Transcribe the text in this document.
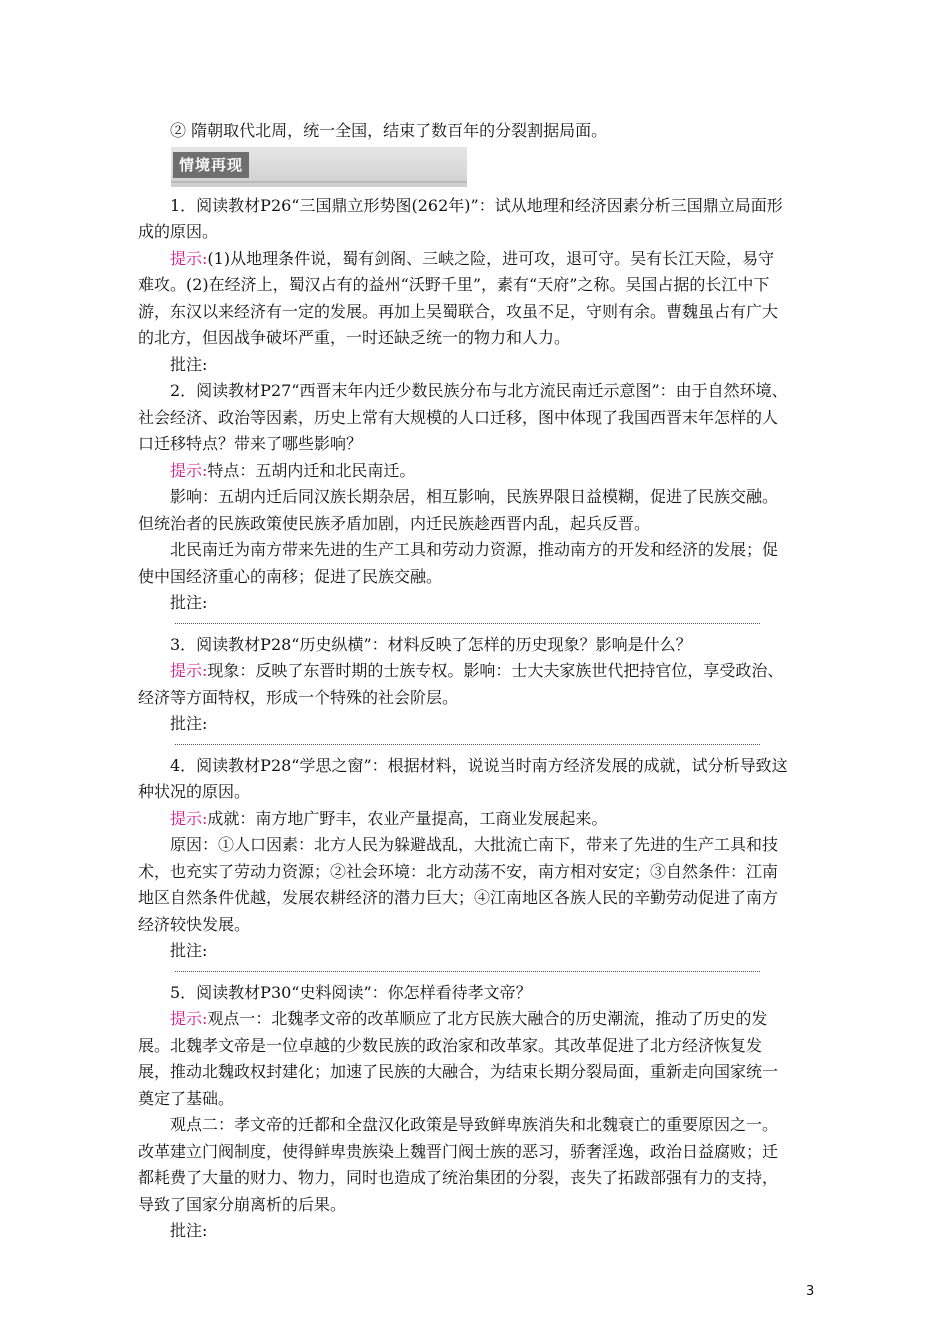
② 隋朝取代北周，统一全国，结束了数百年的分裂割据局面。

情境再现

1．阅读教材P26“三国鼎立形势图(262年)”：试从地理和经济因素分析三国鼎立局面形成的原因。

提示:(1)从地理条件说，蜀有剑阁、三峡之险，进可攻，退可守。吴有长江天险，易守难攻。(2)在经济上，蜀汉占有的益州“沃野千里”，素有“天府”之称。吴国占据的长江中下游，东汉以来经济有一定的发展。再加上吴蜀联合，攻虽不足，守则有余。曹魏虽占有广大的北方，但因战争破坏严重，一时还缺乏统一的物力和人力。

批注:

2．阅读教材P27“西晋末年内迁少数民族分布与北方流民南迁示意图”：由于自然环境、社会经济、政治等因素，历史上常有大规模的人口迁移，图中体现了我国西晋末年怎样的人口迁移特点？带来了哪些影响？

提示:特点：五胡内迁和北民南迁。

影响：五胡内迁后同汉族长期杂居，相互影响，民族界限日益模糊，促进了民族交融。但统治者的民族政策使民族矛盾加剧，内迁民族趁西晋内乱，起兵反晋。

北民南迁为南方带来先进的生产工具和劳动力资源，推动南方的开发和经济的发展；促使中国经济重心的南移；促进了民族交融。

批注:

3．阅读教材P28“历史纵横”：材料反映了怎样的历史现象？影响是什么？

提示:现象：反映了东晋时期的士族专权。影响：士大夫家族世代把持官位，享受政治、经济等方面特权，形成一个特殊的社会阶层。

批注:

4．阅读教材P28“学思之窗”：根据材料，说说当时南方经济发展的成就，试分析导致这种状况的原因。

提示:成就：南方地广野丰，农业产量提高，工商业发展起来。

原因：①人口因素：北方人民为躲避战乱，大批流亡南下，带来了先进的生产工具和技术，也充实了劳动力资源；②社会环境：北方动荡不安，南方相对安定；③自然条件：江南地区自然条件优越，发展农耕经济的潜力巨大；④江南地区各族人民的辛勤劳动促进了南方经济较快发展。

批注:

5．阅读教材P30“史料阅读”：你怎样看待孝文帝？

提示:观点一：北魏孝文帝的改革顺应了北方民族大融合的历史潮流，推动了历史的发展。北魏孝文帝是一位卓越的少数民族的政治家和改革家。其改革促进了北方经济恢复发展，推动北魏政权封建化；加速了民族的大融合，为结束长期分裂局面，重新走向国家统一奠定了基础。

观点二：孝文帝的迁都和全盘汉化政策是导致鲜卑族消失和北魏衰亡的重要原因之一。改革建立门阀制度，使得鲜卑贵族染上魏晋门阀士族的恶习，骄奢淫逸，政治日益腐败；迁都耗费了大量的财力、物力，同时也造成了统治集团的分裂，丧失了拓跋部强有力的支持，导致了国家分崩离析的后果。

批注:

3
